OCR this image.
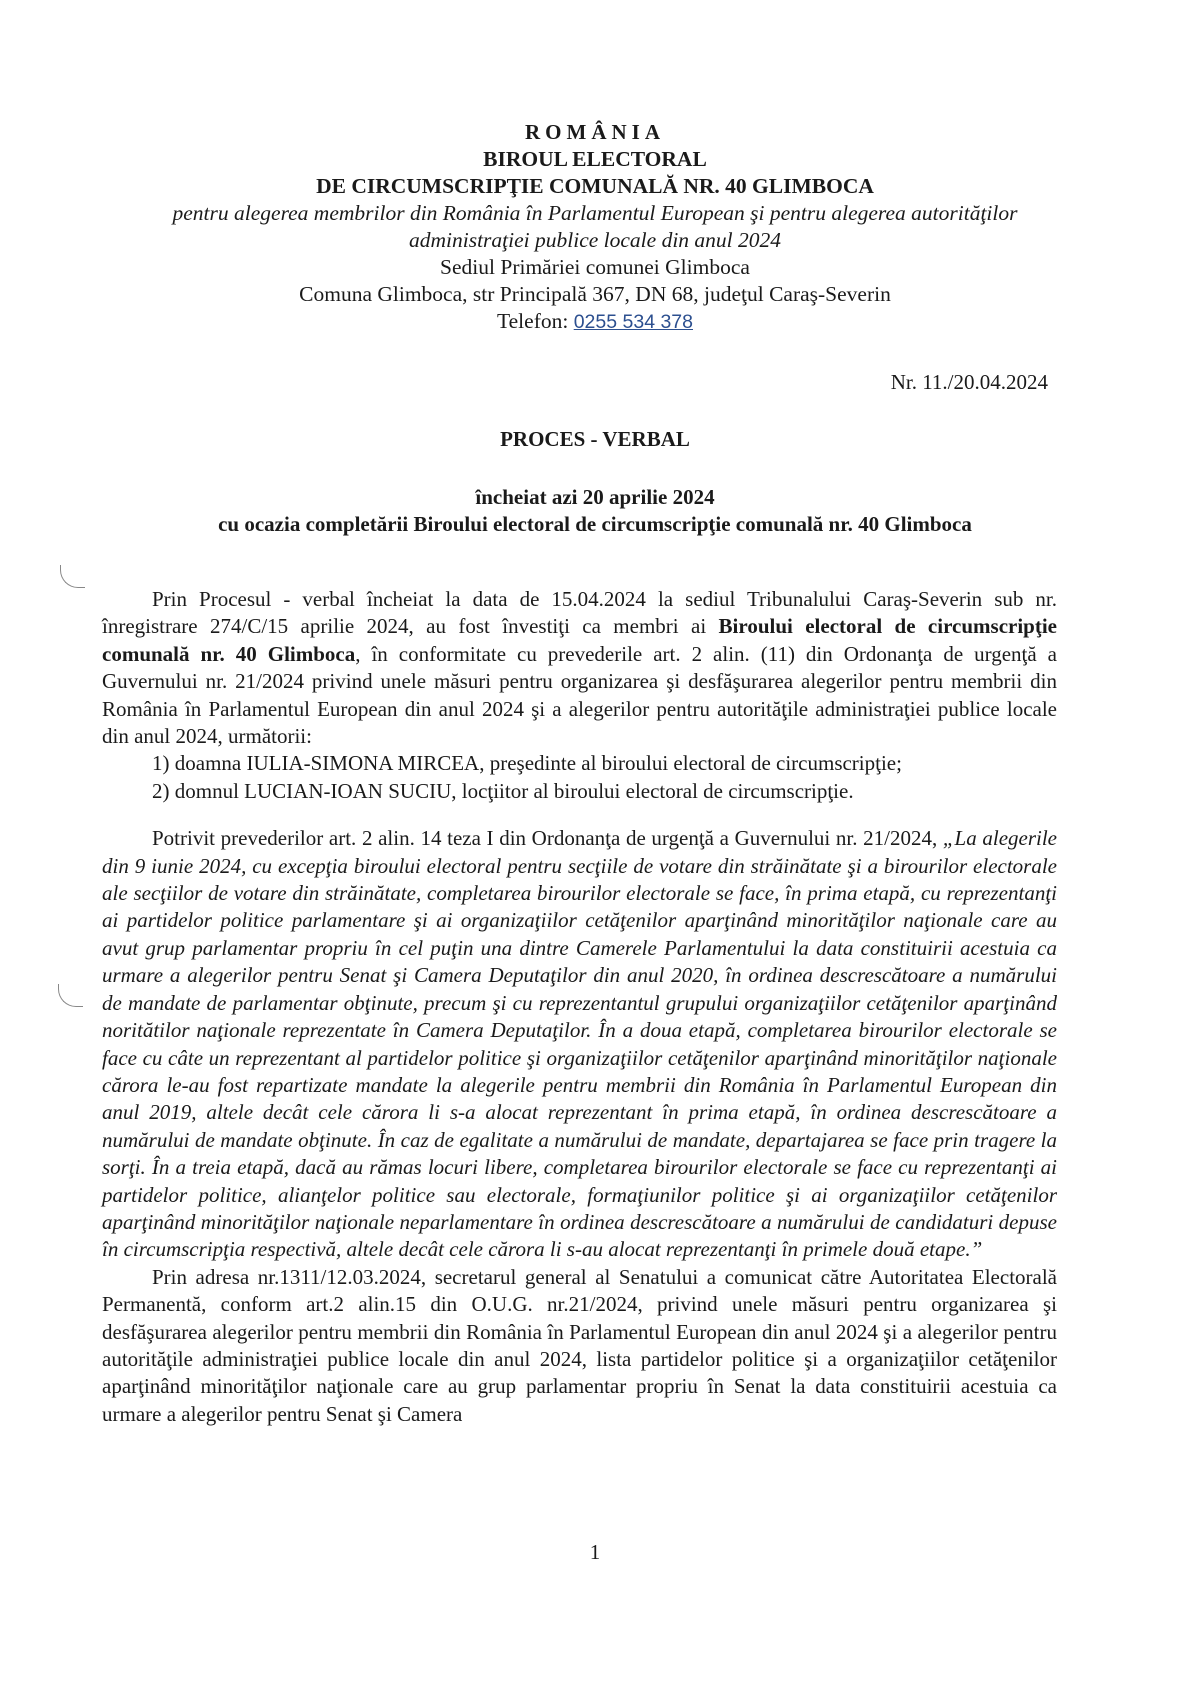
ROMÂNIA
BIROUL ELECTORAL
DE CIRCUMSCRIPŢIE COMUNALĂ NR. 40 GLIMBOCA
pentru alegerea membrilor din România în Parlamentul European şi pentru alegerea autorităţilor
administraţiei publice locale din anul 2024
Sediul Primăriei comunei Glimboca
Comuna Glimboca, str Principală 367, DN 68, judeţul Caraş-Severin
Telefon: 0255 534 378
Nr. 11./20.04.2024
PROCES - VERBAL
încheiat azi 20 aprilie 2024
cu ocazia completării Biroului electoral de circumscripţie comunală nr. 40 Glimboca

Prin Procesul - verbal încheiat la data de 15.04.2024 la sediul Tribunalului Caraş-Severin sub nr. înregistrare 274/C/15 aprilie 2024, au fost învestiţi ca membri ai Biroului electoral de circumscripţie comunală nr. 40 Glimboca, în conformitate cu prevederile art. 2 alin. (11) din Ordonanţa de urgenţă a Guvernului nr. 21/2024 privind unele măsuri pentru organizarea şi desfăşurarea alegerilor pentru membrii din România în Parlamentul European din anul 2024 şi a alegerilor pentru autorităţile administraţiei publice locale din anul 2024, următorii:

1) doamna IULIA-SIMONA MIRCEA, preşedinte al biroului electoral de circumscripţie;

2) domnul LUCIAN-IOAN SUCIU, locţiitor al biroului electoral de circumscripţie.

Potrivit prevederilor art. 2 alin. 14 teza I din Ordonanţa de urgenţă a Guvernului nr. 21/2024, „La alegerile din 9 iunie 2024, cu excepţia biroului electoral pentru secţiile de votare din străinătate şi a birourilor electorale ale secţiilor de votare din străinătate, completarea birourilor electorale se face, în prima etapă, cu reprezentanţi ai partidelor politice parlamentare şi ai organizaţiilor cetăţenilor aparţinând minorităţilor naţionale care au avut grup parlamentar propriu în cel puţin una dintre Camerele Parlamentului la data constituirii acestuia ca urmare a alegerilor pentru Senat şi Camera Deputaţilor din anul 2020, în ordinea descrescătoare a numărului de mandate de parlamentar obţinute, precum şi cu reprezentantul grupului organizaţiilor cetăţenilor aparţinând noritătilor naţionale reprezentate în Camera Deputaţilor. În a doua etapă, completarea birourilor electorale se face cu câte un reprezentant al partidelor politice şi organizaţiilor cetăţenilor aparţinând minorităţilor naţionale cărora le-au fost repartizate mandate la alegerile pentru membrii din România în Parlamentul European din anul 2019, altele decât cele cărora li s-a alocat reprezentant în prima etapă, în ordinea descrescătoare a numărului de mandate obţinute. În caz de egalitate a numărului de mandate, departajarea se face prin tragere la sorţi. În a treia etapă, dacă au rămas locuri libere, completarea birourilor electorale se face cu reprezentanţi ai partidelor politice, alianţelor politice sau electorale, formaţiunilor politice şi ai organizaţiilor cetăţenilor aparţinând minorităţilor naţionale neparlamentare în ordinea descrescătoare a numărului de candidaturi depuse în circumscripţia respectivă, altele decât cele cărora li s-au alocat reprezentanţi în primele două etape.”

Prin adresa nr.1311/12.03.2024, secretarul general al Senatului a comunicat către Autoritatea Electorală Permanentă, conform art.2 alin.15 din O.U.G. nr.21/2024, privind unele măsuri pentru organizarea şi desfăşurarea alegerilor pentru membrii din România în Parlamentul European din anul 2024 şi a alegerilor pentru autorităţile administraţiei publice locale din anul 2024, lista partidelor politice şi a organizaţiilor cetăţenilor aparţinând minorităţilor naţionale care au grup parlamentar propriu în Senat la data constituirii acestuia ca urmare a alegerilor pentru Senat şi Camera

1
